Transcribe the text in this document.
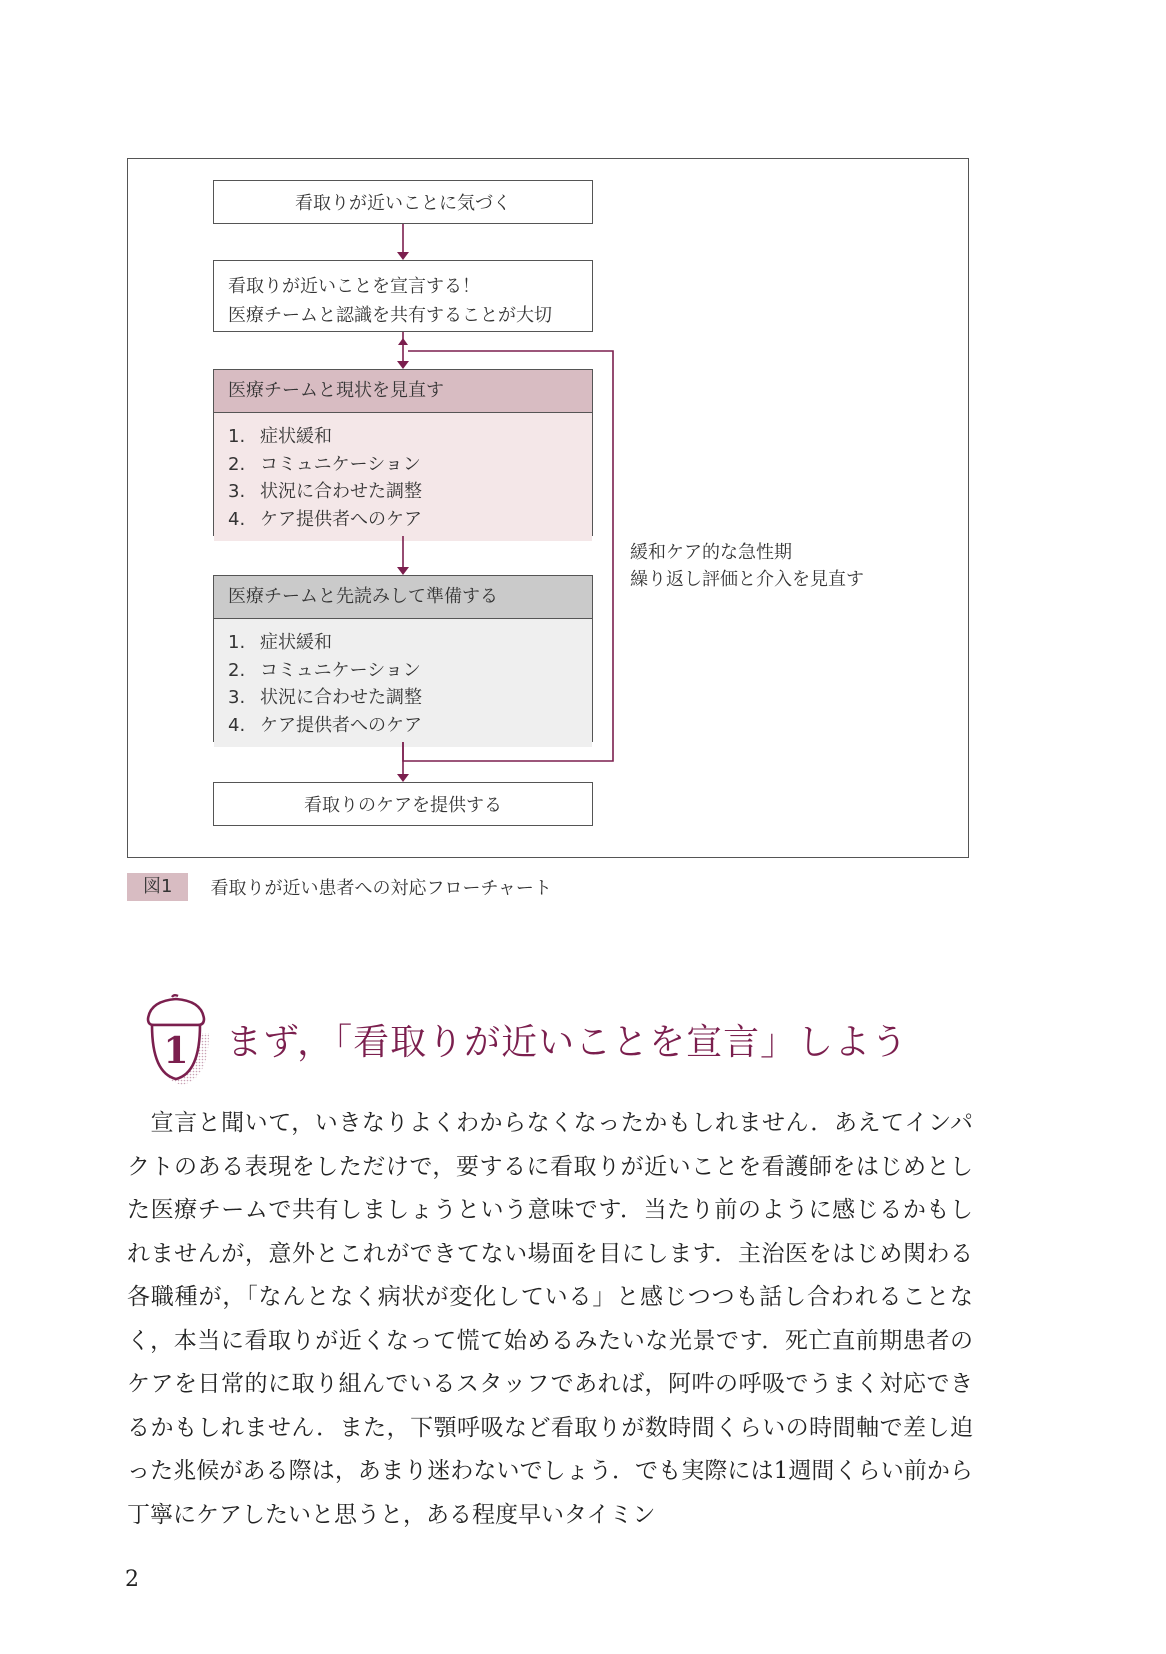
看取りが近いことに気づく
看取りが近いことを宣言する！
医療チームと認識を共有することが大切
医療チームと現状を見直す
1. 症状緩和
2. コミュニケーション
3. 状況に合わせた調整
4. ケア提供者へのケア
医療チームと先読みして準備する
1. 症状緩和
2. コミュニケーション
3. 状況に合わせた調整
4. ケア提供者へのケア
看取りのケアを提供する
緩和ケア的な急性期
繰り返し評価と介入を見直す
図1	看取りが近い患者への対応フローチャート
1 まず，「看取りが近いことを宣言」しよう

　宣言と聞いて，いきなりよくわからなくなったかもしれません．あえてインパクトのある表現をしただけで，要するに看取りが近いことを看護師をはじめとした医療チームで共有しましょうという意味です．当たり前のように感じるかもしれませんが，意外とこれができてない場面を目にします．主治医をはじめ関わる各職種が，「なんとなく病状が変化している」と感じつつも話し合われることなく，本当に看取りが近くなって慌て始めるみたいな光景です．死亡直前期患者のケアを日常的に取り組んでいるスタッフであれば，阿吽の呼吸でうまく対応できるかもしれません．また，下顎呼吸など看取りが数時間くらいの時間軸で差し迫った兆候がある際は，あまり迷わないでしょう．でも実際には1週間くらい前から丁寧にケアしたいと思うと，ある程度早いタイミン

2
